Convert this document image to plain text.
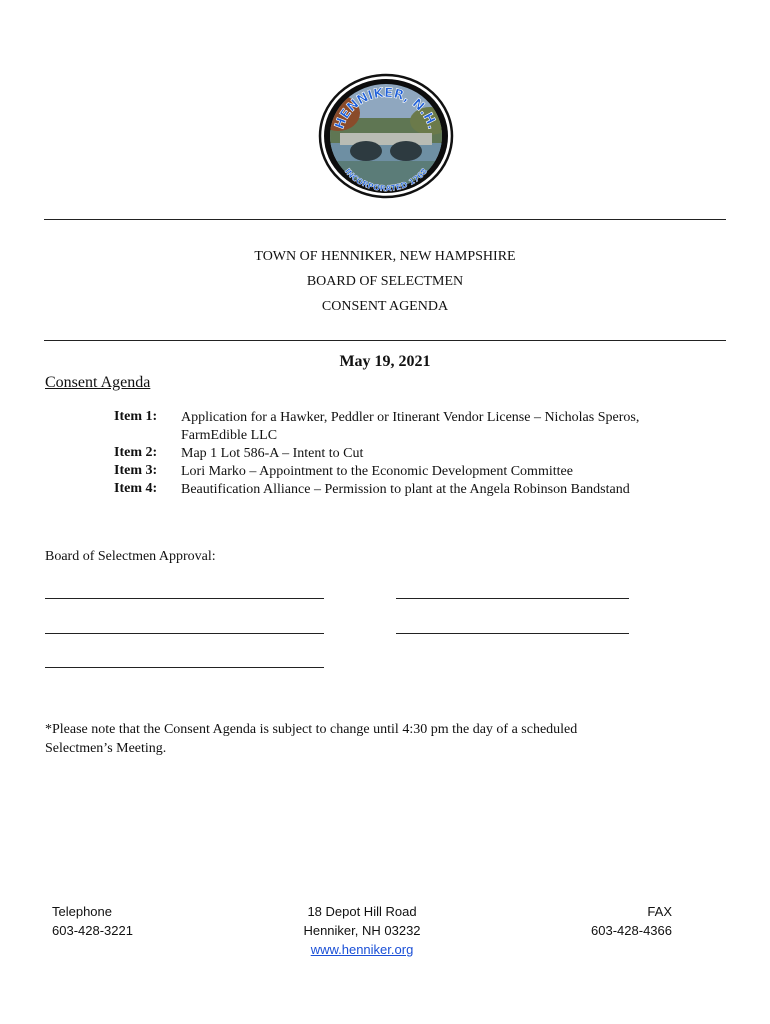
HENNIKER, N.H.
INCORPORATED 1768
TOWN OF HENNIKER, NEW HAMPSHIRE
BOARD OF SELECTMEN
CONSENT AGENDA
May 19, 2021
Consent Agenda
Item 1:	Application for a Hawker, Peddler or Itinerant Vendor License – Nicholas Speros,
FarmEdible LLC
Item 2:	Map 1 Lot 586-A – Intent to Cut
Item 3:	Lori Marko – Appointment to the Economic Development Committee
Item 4:	Beautification Alliance – Permission to plant at the Angela Robinson Bandstand
Board of Selectmen Approval:
*Please note that the Consent Agenda is subject to change until 4:30 pm the day of a scheduled
Selectmen’s Meeting.
Telephone
603-428-3221
18 Depot Hill Road
Henniker, NH 03232
www.henniker.org
FAX
603-428-4366
